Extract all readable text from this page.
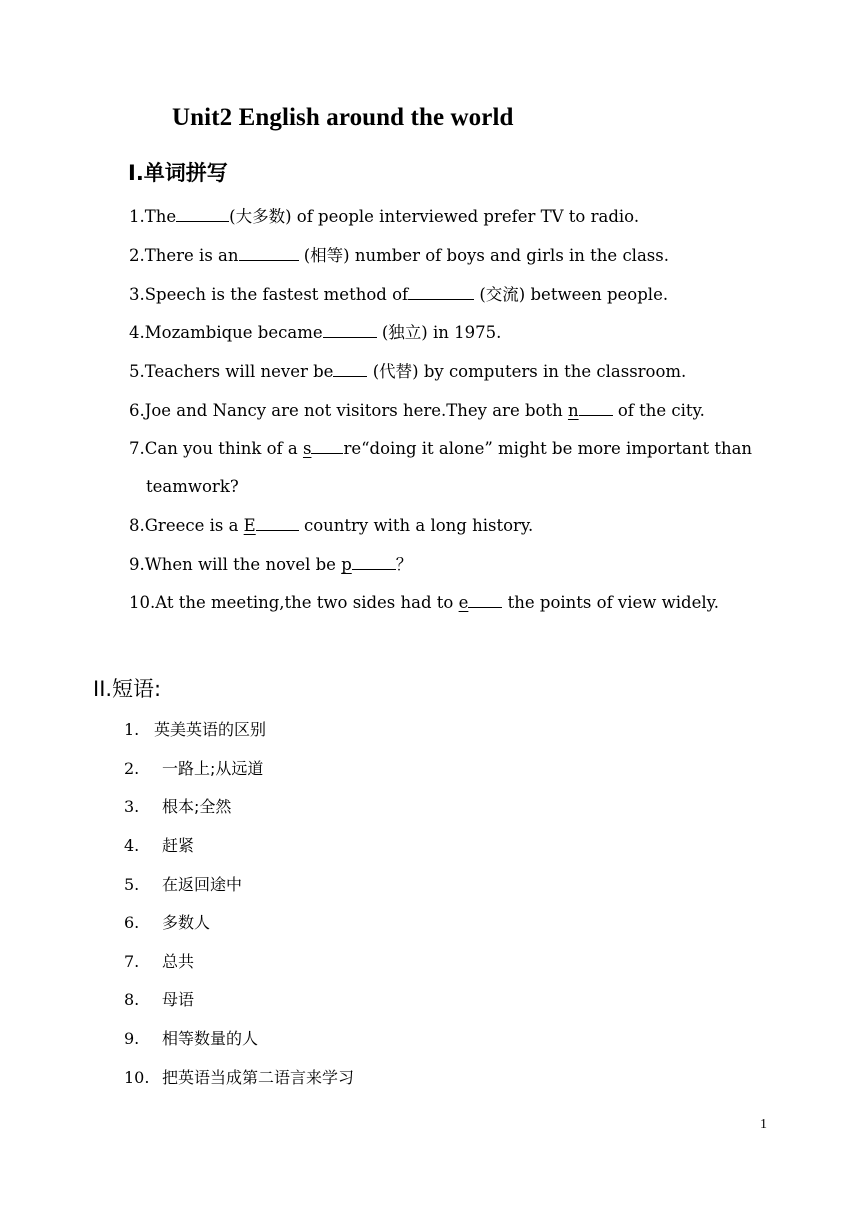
Unit2 English around the world
Ⅰ.单词拼写
1.The	(大多数) of people interviewed prefer TV to radio.
2.There is an	(相等) number of boys and girls in the class.
3.Speech is the fastest method of	(交流) between people.
4.Mozambique became	(独立) in 1975.
5.Teachers will never be (代替) by computers in the classroom.
6.Joe and Nancy are not visitors here.They are both n of the city.
7.Can you think of a s re“doing it alone” might be more important than
teamwork?
8.Greece is a E	country with a long history.
9.When will the novel be p	？
10.At the meeting,the two sides had to e the points of view widely.
II.短语:
1. 英美英语的区别
2. 一路上;从远道
3. 根本;全然
4. 赶紧
5. 在返回途中
6. 多数人
7. 总共
8. 母语
9. 相等数量的人
10. 把英语当成第二语言来学习
1
